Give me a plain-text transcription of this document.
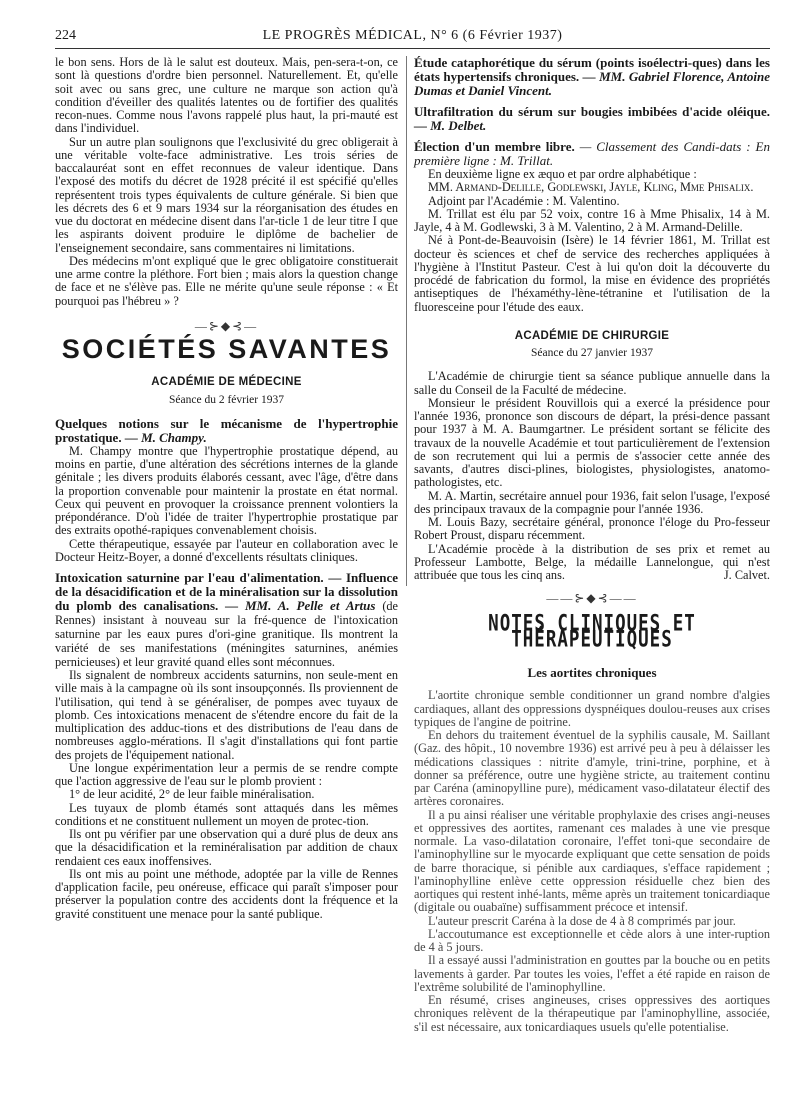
224	LE PROGRÈS MÉDICAL, N° 6 (6 Février 1937)

le bon sens. Hors de là le salut est douteux. Mais, pen-sera-t-on, ce sont là questions d'ordre bien personnel. Naturellement. Et, qu'elle soit avec ou sans grec, une culture ne marque son action qu'à condition d'éveiller des qualités latentes ou de fortifier des qualités recon-nues. Comme nous l'avons rappelé plus haut, la pri-mauté est dans l'individuel.

Sur un autre plan soulignons que l'exclusivité du grec obligerait à une véritable volte-face administrative. Les trois séries de baccalauréat sont en effet reconnues de valeur identique. Dans l'exposé des motifs du décret de 1928 précité il est spécifié qu'elles représentent trois types équivalents de culture générale. Si bien que les décrets des 6 et 9 mars 1934 sur la réorganisation des études en vue du doctorat en médecine disent dans l'ar-ticle 1 de leur titre I que les aspirants doivent produire le diplôme de bachelier de l'enseignement secondaire, sans commentaires ni limitations.

Des médecins m'ont expliqué que le grec obligatoire constituerait une arme contre la pléthore. Fort bien ; mais alors la question change de face et ne s'élève pas. Elle ne mérite qu'une seule réponse : « Et pourquoi pas l'hébreu » ?

—⊱◆⊰—
SOCIÉTÉS SAVANTES
ACADÉMIE DE MÉDECINE
Séance du 2 février 1937

Quelques notions sur le mécanisme de l'hypertrophie prostatique. — M. Champy.

M. Champy montre que l'hypertrophie prostatique dépend, au moins en partie, d'une altération des sécrétions internes de la glande génitale ; les divers produits élaborés cessant, avec l'âge, d'être dans la proportion convenable pour maintenir la prostate en état normal. Ceux qui peuvent en provoquer la croissance prennent volontiers la prépondérance. D'où l'idée de traiter l'hypertrophie prostatique par des extraits opothé-rapiques convenablement choisis.

Cette thérapeutique, essayée par l'auteur en collaboration avec le Docteur Heitz-Boyer, a donné d'excellents résultats cliniques.

Intoxication saturnine par l'eau d'alimentation. — Influence de la désacidification et de la minéralisation sur la dissolution du plomb des canalisations. — MM. A. Pelle et Artus (de Rennes) insistant à nouveau sur la fré-quence de l'intoxication saturnine par les eaux pures d'ori-gine granitique. Ils montrent la variété de ses manifestations (méningites saturnines, anémies pernicieuses) et leur gravité quand elles sont méconnues.

Ils signalent de nombreux accidents saturnins, non seule-ment en ville mais à la campagne où ils sont insoupçonnés. Ils proviennent de l'utilisation, qui tend à se généraliser, de pompes avec tuyaux de plomb. Ces intoxications menacent de s'étendre encore du fait de la multiplication des adduc-tions et des distributions de l'eau dans de nombreuses agglo-mérations. Il s'agit d'installations qui font partie des projets de l'équipement national.

Une longue expérimentation leur a permis de se rendre compte que l'action aggressive de l'eau sur le plomb provient :

1° de leur acidité, 2° de leur faible minéralisation.

Les tuyaux de plomb étamés sont attaqués dans les mêmes conditions et ne constituent nullement un moyen de protec-tion.

Ils ont pu vérifier par une observation qui a duré plus de deux ans que la désacidification et la reminéralisation par addition de chaux rendaient ces eaux inoffensives.

Ils ont mis au point une méthode, adoptée par la ville de Rennes d'application facile, peu onéreuse, efficace qui paraît s'imposer pour préserver la population contre des accidents dont la fréquence et la gravité constituent une menace pour la santé publique.

Étude cataphorétique du sérum (points isoélectri-ques) dans les états hypertensifs chroniques. — MM. Gabriel Florence, Antoine Dumas et Daniel Vincent.

Ultrafiltration du sérum sur bougies imbibées d'acide oléique. — M. Delbet.

Élection d'un membre libre. — Classement des Candi-dats : En première ligne : M. Trillat.

En deuxième ligne ex æquo et par ordre alphabétique :

MM. Armand-Delille, Godlewski, Jayle, Kling, Mme Phisalix.

Adjoint par l'Académie : M. Valentino.

M. Trillat est élu par 52 voix, contre 16 à Mme Phisalix, 14 à M. Jayle, 4 à M. Godlewski, 3 à M. Valentino, 2 à M. Armand-Delille.

Né à Pont-de-Beauvoisin (Isère) le 14 février 1861, M. Trillat est docteur ès sciences et chef de service des recherches appliquées à l'hygiène à l'Institut Pasteur. C'est à lui qu'on doit la découverte du procédé de fabrication du formol, la mise en évidence des propriétés antiseptiques de l'héxaméthy-lène-tétranine et l'utilisation de la fluoresceine pour l'étude des eaux.

ACADÉMIE DE CHIRURGIE
Séance du 27 janvier 1937

L'Académie de chirurgie tient sa séance publique annuelle dans la salle du Conseil de la Faculté de médecine.

Monsieur le président Rouvillois qui a exercé la présidence pour l'année 1936, prononce son discours de départ, la prési-dence passant pour 1937 à M. A. Baumgartner. Le président sortant se félicite des travaux de la nouvelle Académie et tout particulièrement de l'extension de son recrutement qui lui a permis de s'associer cette année des savants, d'autres disci-plines, biologistes, physiologistes, anatomo-pathologistes, etc.

M. A. Martin, secrétaire annuel pour 1936, fait selon l'usage, l'exposé des principaux travaux de la compagnie pour l'année 1936.

M. Louis Bazy, secrétaire général, prononce l'éloge du Pro-fesseur Robert Proust, disparu récemment.

L'Académie procède à la distribution de ses prix et remet au Professeur Lambotte, Belge, la médaille Lannelongue, qui n'est attribuée que tous les cinq ans.	J. Calvet.

——⊱◆⊰——
NOTES CLINIQUES ET THÉRAPEUTIQUES
Les aortites chroniques

L'aortite chronique semble conditionner un grand nombre d'algies cardiaques, allant des oppressions dyspnéiques doulou-reuses aux crises typiques de l'angine de poitrine.

En dehors du traitement éventuel de la syphilis causale, M. Saillant (Gaz. des hôpit., 10 novembre 1936) est arrivé peu à peu à délaisser les médications classiques : nitrite d'amyle, trini-trine, porphine, et à donner sa préférence, outre une hygiène stricte, au traitement continu par Caréna (aminopylline pure), médicament vaso-dilatateur électif des artères coronaires.

Il a pu ainsi réaliser une véritable prophylaxie des crises angi-neuses et oppressives des aortites, ramenant ces malades à une vie presque normale. La vaso-dilatation coronaire, l'effet toni-que secondaire de l'aminophylline sur le myocarde expliquant que cette sensation de poids de barre thoracique, si pénible aux cardiaques, s'efface rapidement ; l'aminophylline enlève cette oppression résiduelle chez bien des aortiques qui restent inhé-lants, même après un traitement tonicardiaque (digitale ou ouabaïne) suffisamment précoce et intensif.

L'auteur prescrit Caréna à la dose de 4 à 8 comprimés par jour.

L'accoutumance est exceptionnelle et cède alors à une inter-ruption de 4 à 5 jours.

Il a essayé aussi l'administration en gouttes par la bouche ou en petits lavements à garder. Par toutes les voies, l'effet a été rapide en raison de l'extrême solubilité de l'aminophylline.

En résumé, crises angineuses, crises oppressives des aortiques chroniques relèvent de la thérapeutique par l'aminophylline, associée, s'il est nécessaire, aux tonicardiaques usuels qu'elle potentialise.
